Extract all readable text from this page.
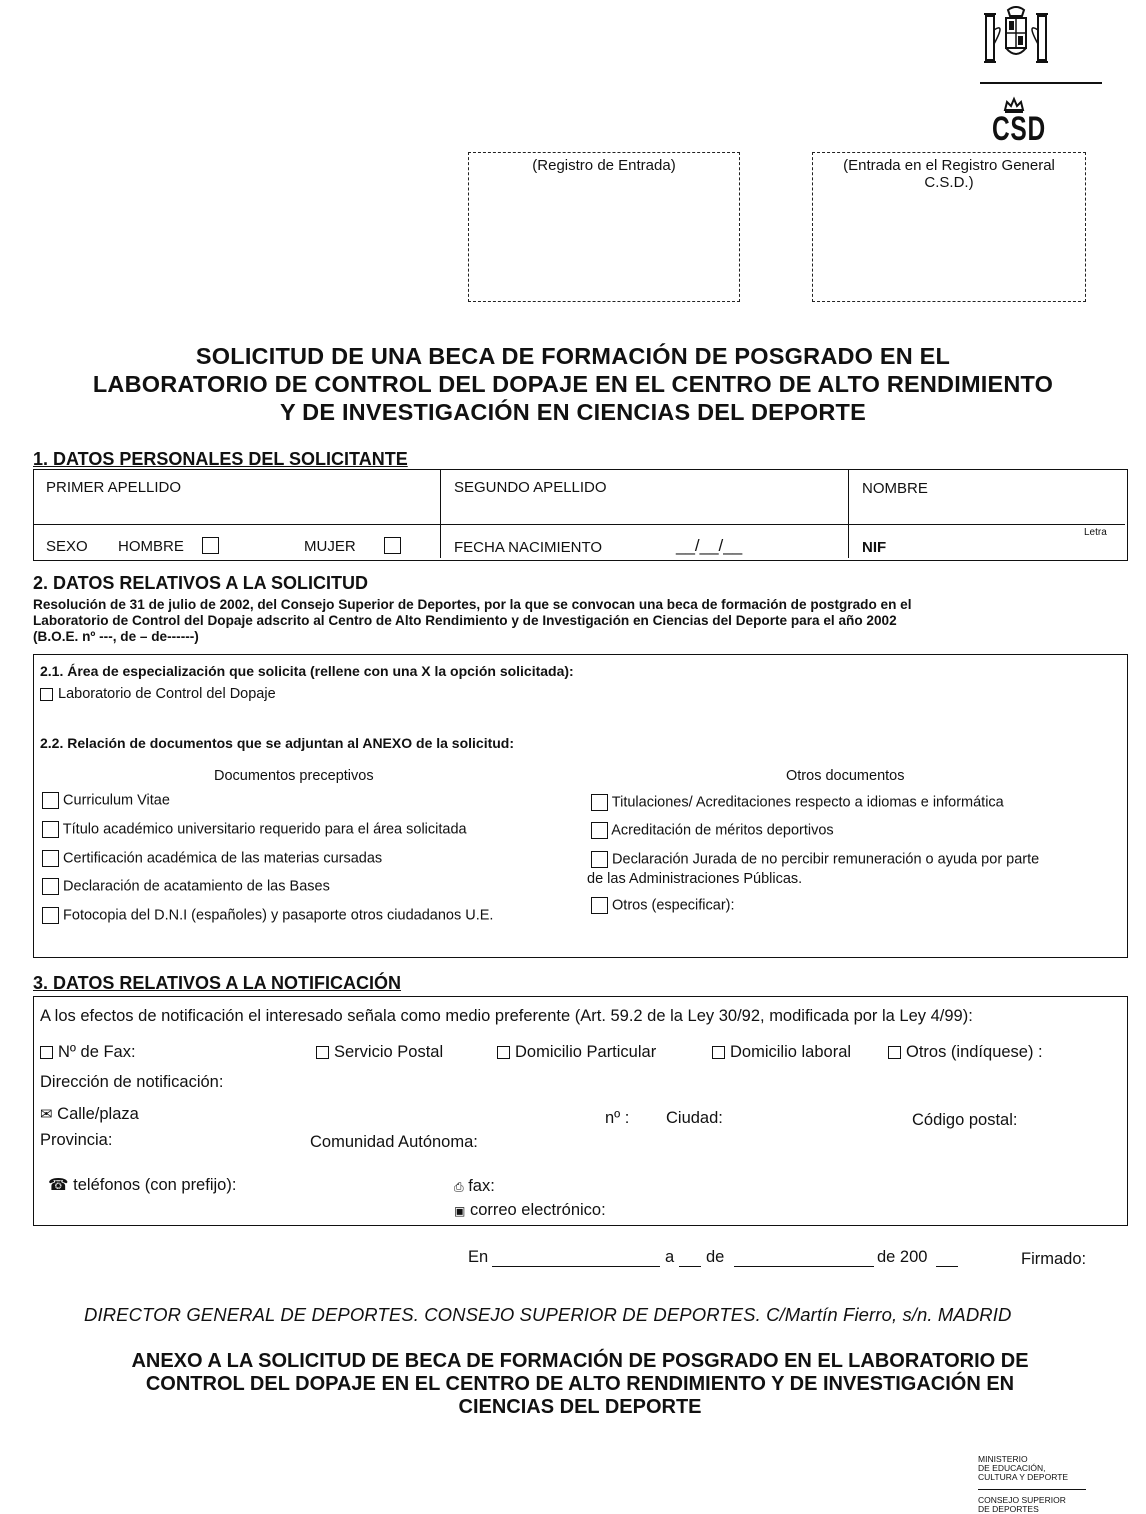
CSD
(Registro de Entrada)	(Entrada en el Registro General
C.S.D.)
SOLICITUD DE UNA BECA DE FORMACIÓN DE POSGRADO EN EL
LABORATORIO DE CONTROL DEL DOPAJE EN EL CENTRO DE ALTO RENDIMIENTO
Y DE INVESTIGACIÓN EN CIENCIAS DEL DEPORTE
1. DATOS PERSONALES DEL SOLICITANTE
PRIMER APELLIDO	SEGUNDO APELLIDO	NOMBRE
SEXO HOMBRE	MUJER	FECHA NACIMIENTO	__/__/__	NIF
Letra
2. DATOS RELATIVOS A LA SOLICITUD
Resolución de 31 de julio de 2002, del Consejo Superior de Deportes, por la que se convocan una beca de formación de postgrado en el
Laboratorio de Control del Dopaje adscrito al Centro de Alto Rendimiento y de Investigación en Ciencias del Deporte para el año 2002
(B.O.E. nº ---, de – de------)
2.1. Área de especialización que solicita (rellene con una X la opción solicitada):
Laboratorio de Control del Dopaje
2.2. Relación de documentos que se adjuntan al ANEXO de la solicitud:
Documentos preceptivos	Otros documentos
Curriculum Vitae
Título académico universitario requerido para el área solicitada
Certificación académica de las materias cursadas
Declaración de acatamiento de las Bases
Fotocopia del D.N.I (españoles) y pasaporte otros ciudadanos U.E.
Titulaciones/ Acreditaciones respecto a idiomas e informática
Acreditación de méritos deportivos
Declaración Jurada de no percibir remuneración o ayuda por parte
de las Administraciones Públicas.
Otros (especificar):
3. DATOS RELATIVOS A LA NOTIFICACIÓN
A los efectos de notificación el interesado señala como medio preferente (Art. 59.2 de la Ley 30/92, modificada por la Ley 4/99):
Nº de Fax:	Servicio Postal	Domicilio Particular	Domicilio laboral	Otros (indíquese) :
Dirección de notificación:
✉ Calle/plaza	nº : Ciudad:	Código postal:
Provincia:	Comunidad Autónoma:
☎ teléfonos (con prefijo):	⎙ fax:
▣ correo electrónico:
En	a de	de 200	Firmado:
DIRECTOR GENERAL DE DEPORTES. CONSEJO SUPERIOR DE DEPORTES. C/Martín Fierro, s/n. MADRID
ANEXO A LA SOLICITUD DE BECA DE FORMACIÓN DE POSGRADO EN EL LABORATORIO DE
CONTROL DEL DOPAJE EN EL CENTRO DE ALTO RENDIMIENTO Y DE INVESTIGACIÓN EN
CIENCIAS DEL DEPORTE
MINISTERIO
DE EDUCACIÓN,
CULTURA Y DEPORTE
CONSEJO SUPERIOR
DE DEPORTES
